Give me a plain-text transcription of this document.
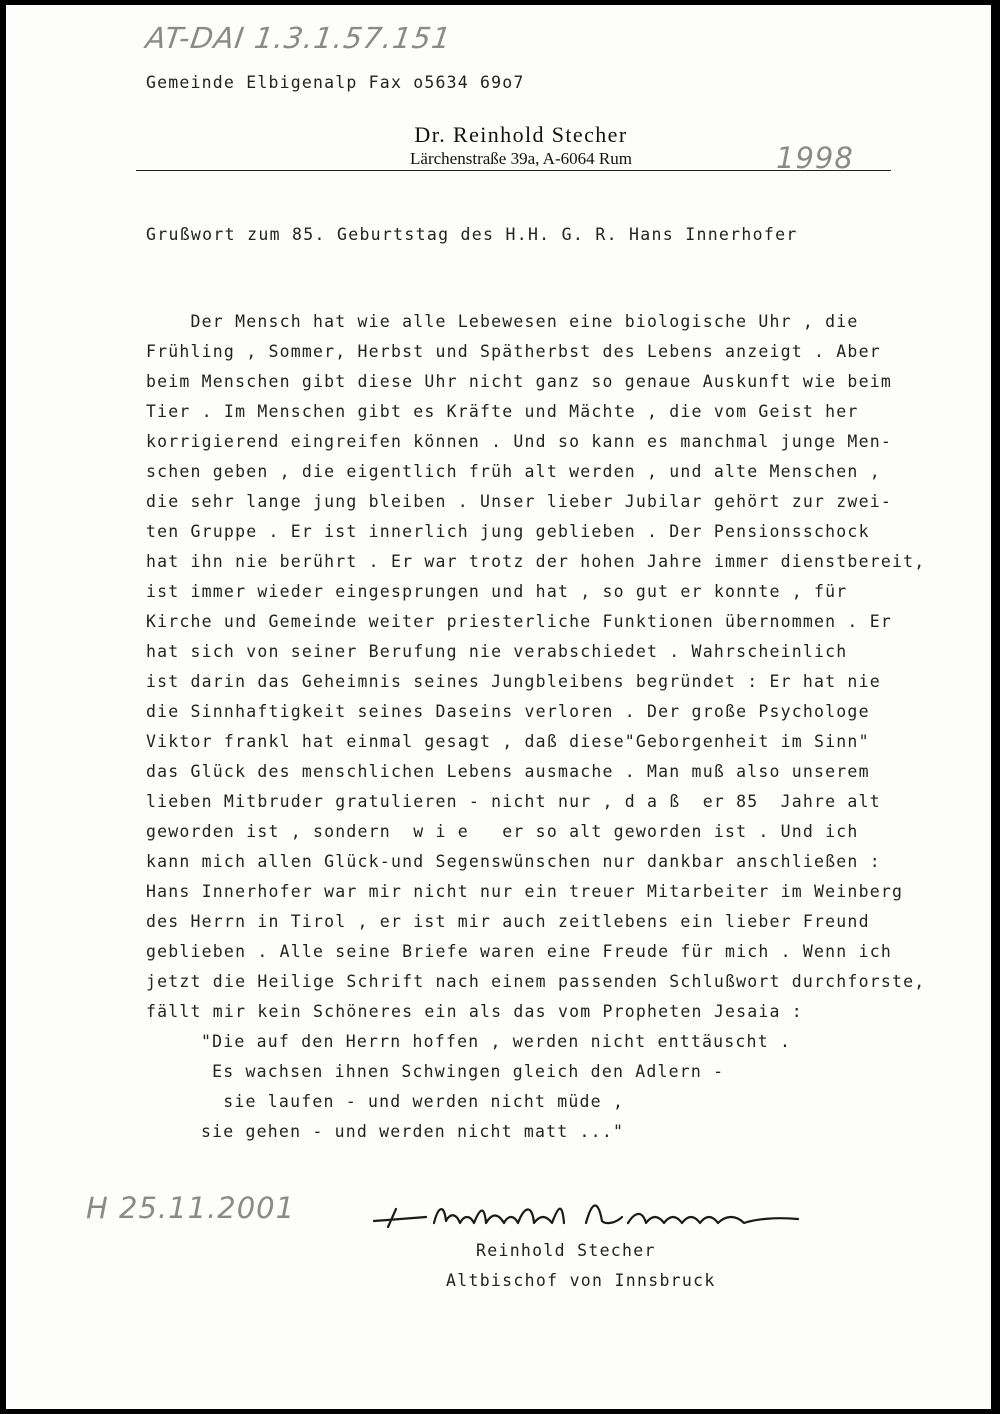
AT-DAI 1.3.1.57.151
Gemeinde Elbigenalp Fax o5634 69o7
Dr. Reinhold Stecher
Lärchenstraße 39a, A-6064 Rum	1998
Grußwort zum 85. Geburtstag des H.H. G. R. Hans Innerhofer
Der Mensch hat wie alle Lebewesen eine biologische Uhr , die
Frühling , Sommer, Herbst und Spätherbst des Lebens anzeigt . Aber
beim Menschen gibt diese Uhr nicht ganz so genaue Auskunft wie beim
Tier . Im Menschen gibt es Kräfte und Mächte , die vom Geist her
korrigierend eingreifen können . Und so kann es manchmal junge Men-
schen geben , die eigentlich früh alt werden , und alte Menschen ,
die sehr lange jung bleiben . Unser lieber Jubilar gehört zur zwei-
ten Gruppe . Er ist innerlich jung geblieben . Der Pensionsschock
hat ihn nie berührt . Er war trotz der hohen Jahre immer dienstbereit,
ist immer wieder eingesprungen und hat , so gut er konnte , für
Kirche und Gemeinde weiter priesterliche Funktionen übernommen . Er
hat sich von seiner Berufung nie verabschiedet . Wahrscheinlich
ist darin das Geheimnis seines Jungbleibens begründet : Er hat nie
die Sinnhaftigkeit seines Daseins verloren . Der große Psychologe
Viktor frankl hat einmal gesagt , daß diese"Geborgenheit im Sinn"
das Glück des menschlichen Lebens ausmache . Man muß also unserem
lieben Mitbruder gratulieren - nicht nur , d a ß  er 85  Jahre alt
geworden ist , sondern  w i e   er so alt geworden ist . Und ich
kann mich allen Glück-und Segenswünschen nur dankbar anschließen :
Hans Innerhofer war mir nicht nur ein treuer Mitarbeiter im Weinberg
des Herrn in Tirol , er ist mir auch zeitlebens ein lieber Freund
geblieben . Alle seine Briefe waren eine Freude für mich . Wenn ich
jetzt die Heilige Schrift nach einem passenden Schlußwort durchforste,
fällt mir kein Schöneres ein als das vom Propheten Jesaia :
"Die auf den Herrn hoffen , werden nicht enttäuscht .
Es wachsen ihnen Schwingen gleich den Adlern -
sie laufen - und werden nicht müde ,
sie gehen - und werden nicht matt ..."
H 25.11.2001
Reinhold Stecher
Altbischof von Innsbruck
